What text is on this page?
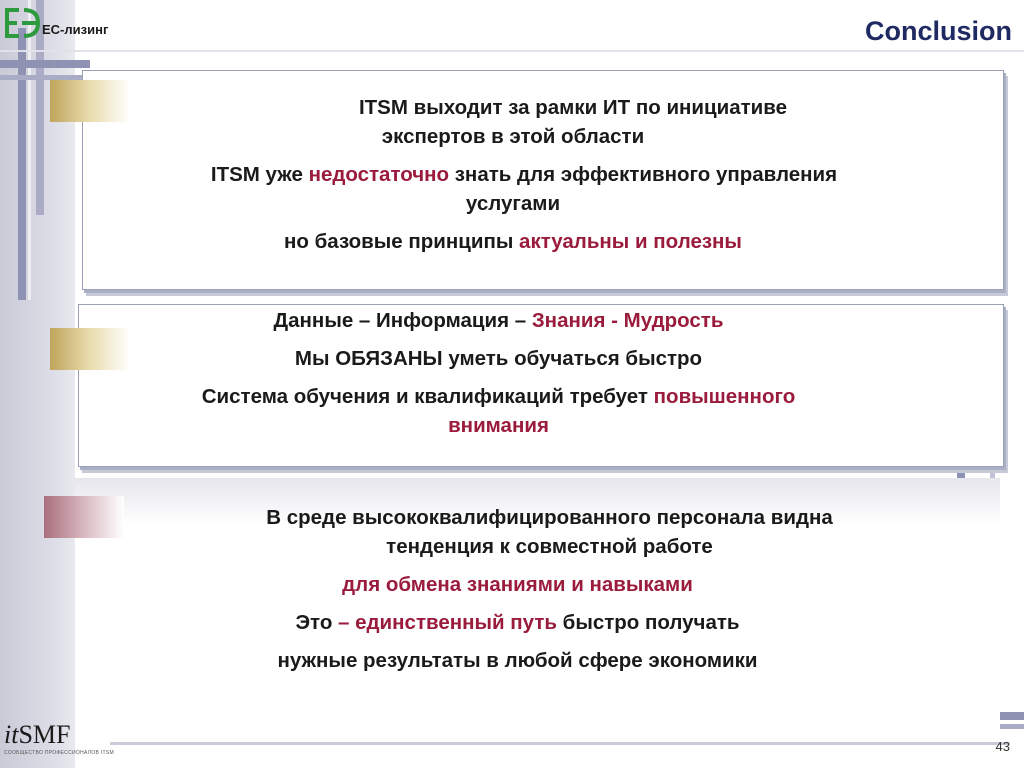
ЕС-лизинг	Conclusion
ITSM выходит за рамки ИТ по инициативе
экспертов в этой области
ITSM уже недостаточно знать для эффективного управления
услугами
но базовые принципы актуальны и полезны
Данные – Информация – Знания - Мудрость
Мы ОБЯЗАНЫ уметь обучаться быстро
Система обучения и квалификаций требует повышенного
внимания
В среде высококвалифицированного персонала видна
тенденция к совместной работе
для обмена знаниями и навыками
Это – единственный путь быстро получать
нужные результаты в любой сфере экономики
itSMF
СООБЩЕСТВО ПРОФЕССИОНАЛОВ ITSM	43
